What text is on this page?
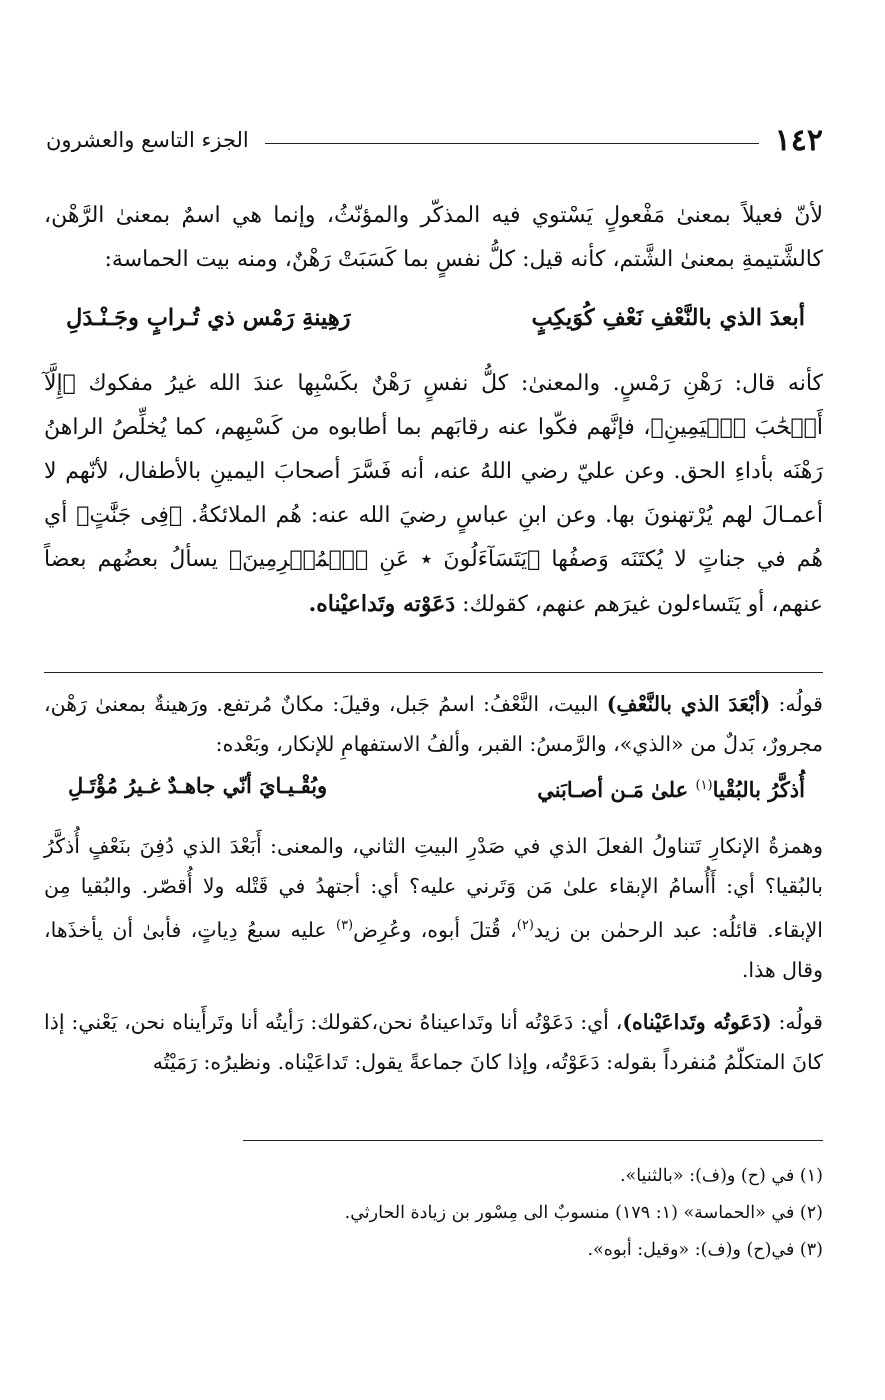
١٤٢
الجزء التاسع والعشرون

لأنّ فعيلاً بمعنىٰ مَفْعولٍ يَسْتوي فيه المذكّر والمؤنّثُ، وإنما هي اسمٌ بمعنىٰ الرَّهْن، كالشَّتيمةِ بمعنىٰ الشَّتم، كأنه قيل: كلُّ نفسٍ بما كَسَبَتْ رَهْنٌ، ومنه بيت الحماسة:

أبعدَ الذي بالنَّعْفِ نَعْفِ كُوَيكِبٍ
رَهِينةِ رَمْس ذي تُـرابٍ وجَـنْـدَلِ

كأنه قال: رَهْنِ رَمْسٍ. والمعنىٰ: كلُّ نفسٍ رَهْنٌ بكَسْبِها عندَ الله غيرُ مفكوك ﴿إِلَّآ أَصۡحَٰبَ ٱلۡيَمِينِ﴾، فإنَّهم فكّوا عنه رقابَهم بما أطابوه من كَسْبِهم، كما يُخلِّصُ الراهنُ رَهْنَه بأداءِ الحق. وعن عليّ رضي اللهُ عنه، أنه فَسَّرَ أصحابَ اليمينِ بالأطفال، لأنّهم لا أعمـالَ لهم يُرْتهنونَ بها. وعن ابنِ عباسٍ رضيَ الله عنه: هُم الملائكةُ. ﴿فِى جَنَّٰتٍ﴾ أي هُم في جناتٍ لا يُكتَنَه وَصفُها ﴿يَتَسَآءَلُونَ ٭ عَنِ ٱلۡمُجۡرِمِينَ﴾ يسألُ بعضُهم بعضاً عنهم، أو يَتَساءلون غيرَهم عنهم، كقولك: دَعَوْته وتَداعيْناه.

قولُه: (أبْعَدَ الذي بالنَّعْفِ) البيت، النَّعْفُ: اسمُ جَبل، وقيلَ: مكانٌ مُرتفع. ورَهينةٌ بمعنىٰ رَهْن، مجرورٌ، بَدلٌ من «الذي»، والرَّمسُ: القبر، وألفُ الاستفهامِ للإنكار، وبَعْده:

أُذكَّرُ بالبُقْيا$^{(١)}$ علىٰ مَـن أصـابَني
وبُقْـيـايَ أنّي جاهـدٌ غـيرُ مُؤْتَـلِ

وهمزةُ الإنكارِ تَتناولُ الفعلَ الذي في صَدْرِ البيتِ الثاني، والمعنى: أَبَعْدَ الذي دُفِنَ بنَعْفٍ أُذكَّرُ بالبُقيا؟ أي: أَأُسامُ الإبقاء علىٰ مَن وَتَرني عليه؟ أي: أجتهدُ في قَتْله ولا أُقصّر. والبُقيا مِن الإبقاء. قائلُه: عبد الرحمٰن بن زيد$^{(٢)}$، قُتلَ أبوه، وعُرِض$^{(٣)}$ عليه سبعُ دِياتٍ، فأبىٰ أن يأخذَها، وقال هذا.

قولُه: (دَعَوتُه وتَداعَيْناه)، أي: دَعَوْتُه أنا وتَداعيناهُ نحن،كقولك: رَأيتُه أنا وتَرأَيناه نحن، يَعْني: إذا كانَ المتكلّمُ مُنفرداً بقوله: دَعَوْتُه، وإذا كانَ جماعةً يقول: تَداعَيْناه. ونظيرُه: رَمَيْتُه

(١) في (ح) و(ف): «بالثنيا».
(٢) في «الحماسة» (١: ١٧٩) منسوبٌ الى مِسْور بن زيادة الحارثي.
(٣) في(ح) و(ف): «وقيل: أبوه».
